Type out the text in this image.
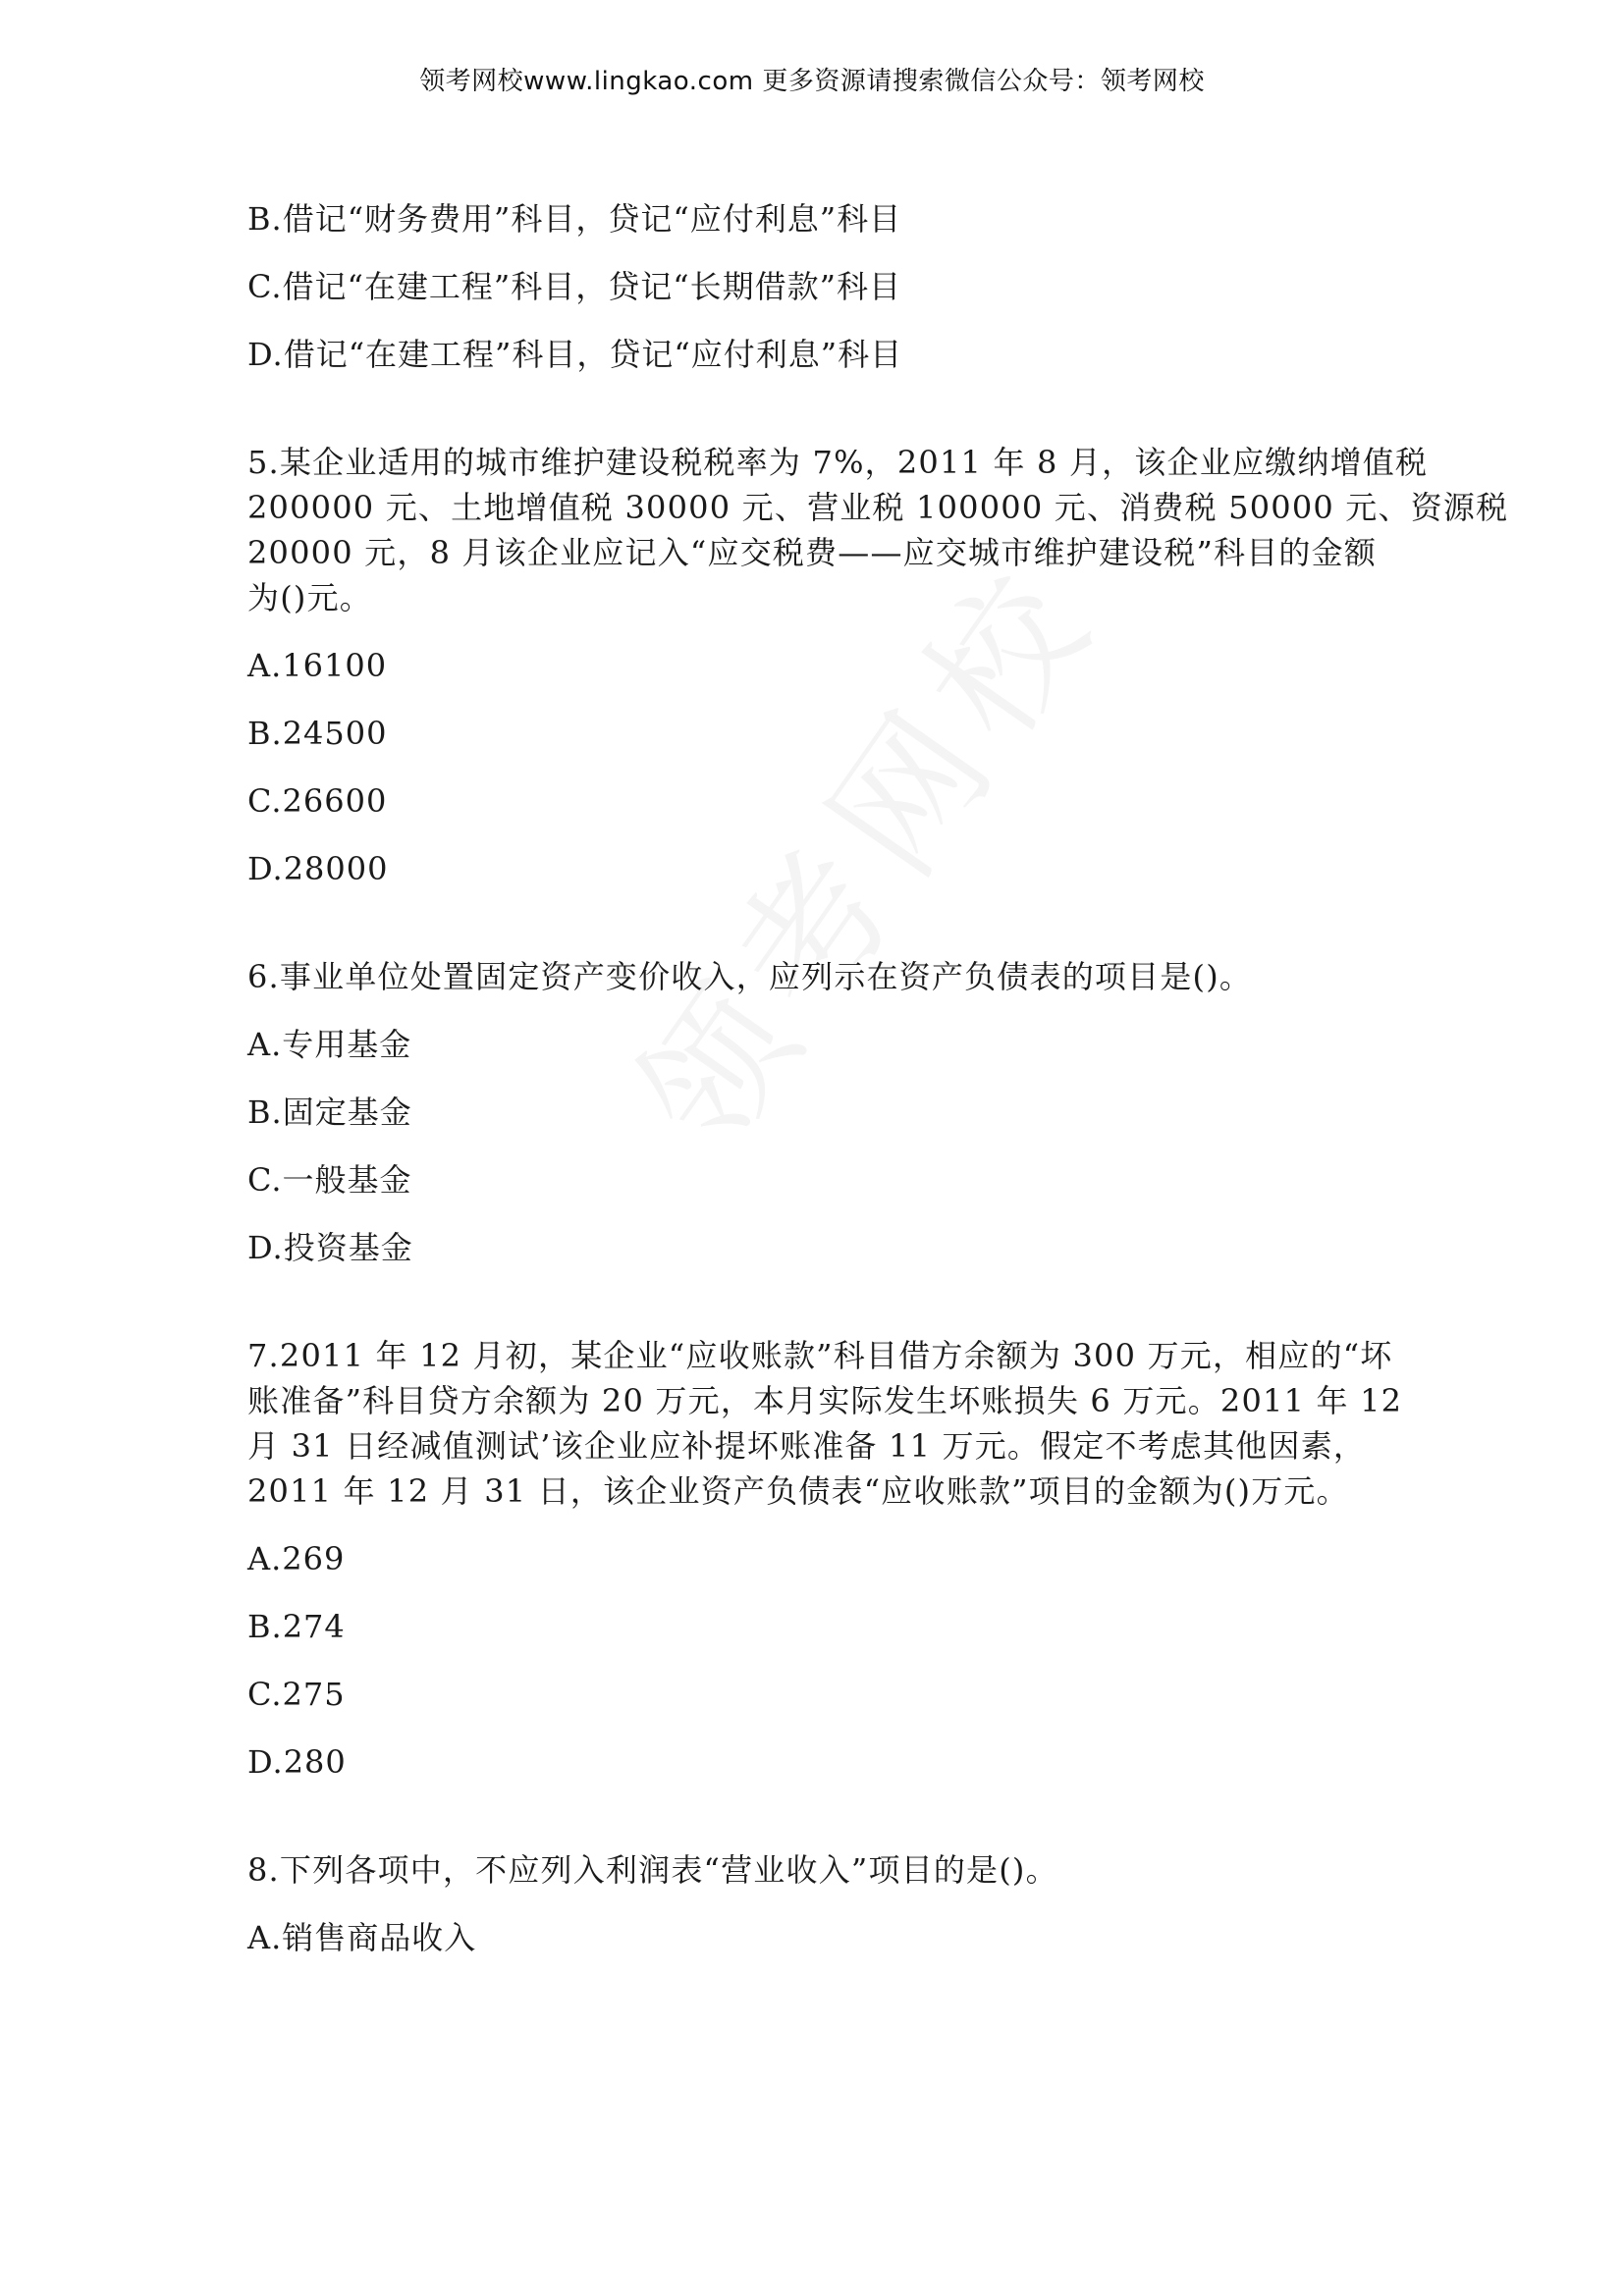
领考网校www.lingkao.com 更多资源请搜索微信公众号：领考网校
B.借记“财务费用”科目，贷记“应付利息”科目
C.借记“在建工程”科目，贷记“长期借款”科目
D.借记“在建工程”科目，贷记“应付利息”科目
5.某企业适用的城市维护建设税税率为 7%，2011 年 8 月，该企业应缴纳增值税
200000 元、土地增值税 30000 元、营业税 100000 元、消费税 50000 元、资源税
20000 元，8 月该企业应记入“应交税费——应交城市维护建设税”科目的金额
为()元。
A.16100
B.24500
C.26600
D.28000
6.事业单位处置固定资产变价收入，应列示在资产负债表的项目是()。
A.专用基金
B.固定基金
C.一般基金
D.投资基金
7.2011 年 12 月初，某企业“应收账款”科目借方余额为 300 万元，相应的“坏
账准备”科目贷方余额为 20 万元，本月实际发生坏账损失 6 万元。2011 年 12
月 31 日经减值测试’该企业应补提坏账准备 11 万元。假定不考虑其他因素，
2011 年 12 月 31 日，该企业资产负债表“应收账款”项目的金额为()万元。
A.269
B.274
C.275
D.280
8.下列各项中，不应列入利润表“营业收入”项目的是()。
A.销售商品收入
